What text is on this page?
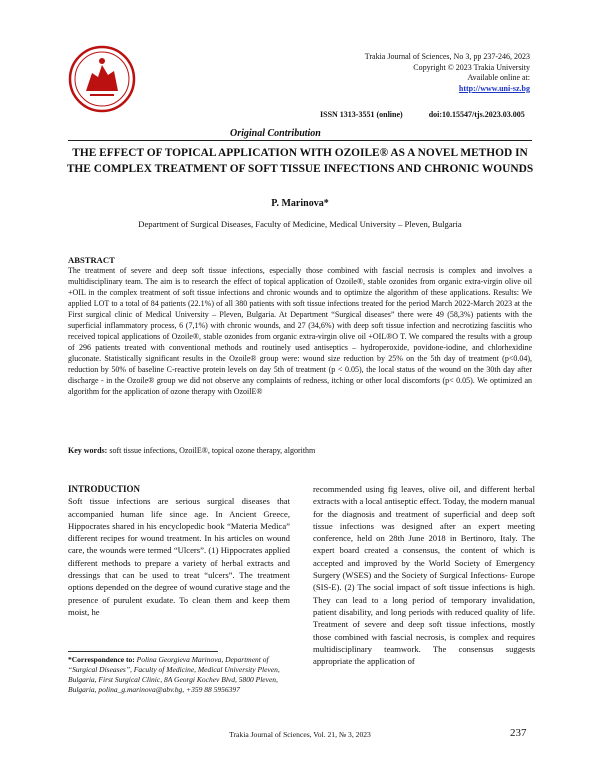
Trakia Journal of Sciences, No 3, pp 237-246, 2023
Copyright © 2023 Trakia University
Available online at:
http://www.uni-sz.bg
ISSN 1313-3551 (online)	doi:10.15547/tjs.2023.03.005
Original Contribution
THE EFFECT OF TOPICAL APPLICATION WITH OZOILE® AS A NOVEL METHOD IN THE COMPLEX TREATMENT OF SOFT TISSUE INFECTIONS AND CHRONIC WOUNDS
P. Marinova*
Department of Surgical Diseases, Faculty of Medicine, Medical University – Pleven, Bulgaria
ABSTRACT
The treatment of severe and deep soft tissue infections, especially those combined with fascial necrosis is complex and involves a multidisciplinary team. The aim is to research the effect of topical application of Ozoile®, stable ozonides from organic extra-virgin olive oil +OIL in the complex treatment of soft tissue infections and chronic wounds and to optimize the algorithm of these applications. Results: We applied LOT to a total of 84 patients (22.1%) of all 380 patients with soft tissue infections treated for the period March 2022-March 2023 at the First surgical clinic of Medical University – Pleven, Bulgaria. At Department “Surgical diseases” there were 49 (58,3%) patients with the superficial inflammatory process, 6 (7,1%) with chronic wounds, and 27 (34,6%) with deep soft tissue infection and necrotizing fasciitis who received topical applications of Ozoile®, stable ozonides from organic extra-virgin olive oil +OIL®O T. We compared the results with a group of 296 patients treated with conventional methods and routinely used antiseptics – hydroperoxide, povidone-iodine, and chlorhexidine gluconate. Statistically significant results in the Ozoile® group were: wound size reduction by 25% on the 5th day of treatment (p<0.04), reduction by 50% of baseline C-reactive protein levels on day 5th of treatment (p < 0.05), the local status of the wound on the 30th day after discharge - in the Ozoile® group we did not observe any complaints of redness, itching or other local discomforts (p< 0.05). We optimized an algorithm for the application of ozone therapy with OzoilE®
Key words: soft tissue infections, OzoilE®, topical ozone therapy, algorithm
INTRODUCTION
Soft tissue infections are serious surgical diseases that accompanied human life since age. In Ancient Greece, Hippocrates shared in his encyclopedic book “Materia Medica” different recipes for wound treatment. In his articles on wound care, the wounds were termed “Ulcers”. (1) Hippocrates applied different methods to prepare a variety of herbal extracts and dressings that can be used to treat “ulcers”. The treatment options depended on the degree of wound curative stage and the presence of purulent exudate. To clean them and keep them moist, he
recommended using fig leaves, olive oil, and different herbal extracts with a local antiseptic effect. Today, the modern manual for the diagnosis and treatment of superficial and deep soft tissue infections was designed after an expert meeting conference, held on 28th June 2018 in Bertinoro, Italy. The expert board created a consensus, the content of which is accepted and improved by the World Society of Emergency Surgery (WSES) and the Society of Surgical Infections- Europe (SIS-E). (2) The social impact of soft tissue infections is high. They can lead to a long period of temporary invalidation, patient disability, and long periods with reduced quality of life. Treatment of severe and deep soft tissue infections, mostly those combined with fascial necrosis, is complex and requires multidisciplinary teamwork. The consensus suggests appropriate the application of
*Correspondence to: Polina Georgieva Marinova, Department of “Surgical Diseases”, Faculty of Medicine, Medical University Pleven, Bulgaria, First Surgical Clinic, 8A Georgi Kochev Blvd, 5800 Pleven, Bulgaria, polina_g.marinova@abv.bg, +359 88 5956397
Trakia Journal of Sciences, Vol. 21, № 3, 2023	237
